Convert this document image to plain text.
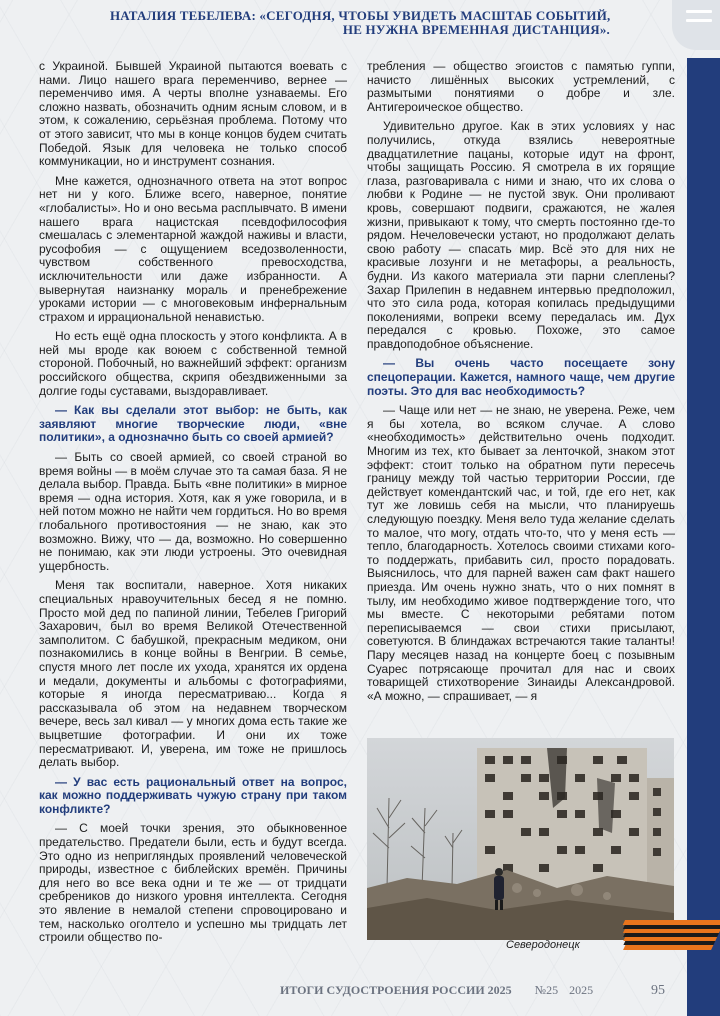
НАТАЛИЯ ТЕБЕЛЕВА: «СЕГОДНЯ, ЧТОБЫ УВИДЕТЬ МАСШТАБ СОБЫТИЙ,
НЕ НУЖНА ВРЕМЕННАЯ ДИСТАНЦИЯ».

с Украиной. Бывшей Украиной пытаются воевать с нами. Лицо нашего врага переменчиво, вернее — переменчиво имя. А черты вполне узнаваемы. Его сложно назвать, обозначить одним ясным словом, и в этом, к сожалению, серьёзная проблема. Потому что от этого зависит, что мы в конце концов будем считать Победой. Язык для человека не только способ коммуникации, но и инструмент сознания.

Мне кажется, однозначного ответа на этот вопрос нет ни у кого. Ближе всего, наверное, понятие «глобалисты». Но и оно весьма расплывчато. В имени нашего врага нацистская псевдофилософия смешалась с элементарной жаждой наживы и власти, русофобия — с ощущением вседозволенности, чувством собственного превосходства, исключительности или даже избранности. А вывернутая наизнанку мораль и пренебрежение уроками истории — с многовековым инфернальным страхом и иррациональной ненавистью.

Но есть ещё одна плоскость у этого конфликта. А в ней мы вроде как воюем с собственной темной стороной. Побочный, но важнейший эффект: организм российского общества, скрипя обездвиженными за долгие годы суставами, выздоравливает.

— Как вы сделали этот выбор: не быть, как заявляют многие творческие люди, «вне политики», а однозначно быть со своей армией?

— Быть со своей армией, со своей страной во время войны — в моём случае это та самая база. Я не делала выбор. Правда. Быть «вне политики» в мирное время — одна история. Хотя, как я уже говорила, и в ней потом можно не найти чем гордиться. Но во время глобального противостояния — не знаю, как это возможно. Вижу, что — да, возможно. Но совершенно не понимаю, как эти люди устроены. Это очевидная ущербность.

Меня так воспитали, наверное. Хотя никаких специальных нравоучительных бесед я не помню. Просто мой дед по папиной линии, Тебелев Григорий Захарович, был во время Великой Отечественной замполитом. С бабушкой, прекрасным медиком, они познакомились в конце войны в Венгрии. В семье, спустя много лет после их ухода, хранятся их ордена и медали, документы и альбомы с фотографиями, которые я иногда пересматриваю... Когда я рассказывала об этом на недавнем творческом вечере, весь зал кивал — у многих дома есть такие же выцветшие фотографии. И они их тоже пересматривают. И, уверена, им тоже не пришлось делать выбор.

— У вас есть рациональный ответ на вопрос, как можно поддерживать чужую страну при таком конфликте?

— С моей точки зрения, это обыкновенное предательство. Предатели были, есть и будут всегда. Это одно из непригляндых проявлений человеческой природы, известное с библейских времён. Причины для него во все века одни и те же — от тридцати сребреников до низкого уровня интеллекта. Сегодня это явление в немалой степени спровоцировано и тем, насколько оголтело и успешно мы тридцать лет строили общество по-

требления — общество эгоистов с памятью гуппи, начисто лишённых высоких устремлений, с размытыми понятиями о добре и зле. Антигероическое общество.

Удивительно другое. Как в этих условиях у нас получились, откуда взялись невероятные двадцатилетние пацаны, которые идут на фронт, чтобы защищать Россию. Я смотрела в их горящие глаза, разговаривала с ними и знаю, что их слова о любви к Родине — не пустой звук. Они проливают кровь, совершают подвиги, сражаются, не жалея жизни, привыкают к тому, что смерть постоянно где-то рядом. Нечеловечески устают, но продолжают делать свою работу — спасать мир. Всё это для них не красивые лозунги и не метафоры, а реальность, будни. Из какого материала эти парни слеплены? Захар Прилепин в недавнем интервью предположил, что это сила рода, которая копилась предыдущими поколениями, вопреки всему передалась им. Дух передался с кровью. Похоже, это самое правдоподобное объяснение.

— Вы очень часто посещаете зону спецоперации. Кажется, намного чаще, чем другие поэты. Это для вас необходимость?

— Чаще или нет — не знаю, не уверена. Реже, чем я бы хотела, во всяком случае. А слово «необходимость» действительно очень подходит. Многим из тех, кто бывает за ленточкой, знаком этот эффект: стоит только на обратном пути пересечь границу между той частью территории России, где действует комендантский час, и той, где его нет, как тут же ловишь себя на мысли, что планируешь следующую поездку. Меня вело туда желание сделать то малое, что могу, отдать что-то, что у меня есть — тепло, благодарность. Хотелось своими стихами кого-то поддержать, прибавить сил, просто порадовать. Выяснилось, что для парней важен сам факт нашего приезда. Им очень нужно знать, что о них помнят в тылу, им необходимо живое подтверждение того, что мы вместе. С некоторыми ребятами потом переписываемся — свои стихи присылают, советуются. В блиндажах встречаются такие таланты! Пару месяцев назад на концерте боец с позывным Суарес потрясающе прочитал для нас и своих товарищей стихотворение Зинаиды Александровой. «А можно, — спрашивает, — я

Северодонецк
ИТОГИ СУДОСТРОЕНИЯ РОССИИ 2025 №25 2025	95
